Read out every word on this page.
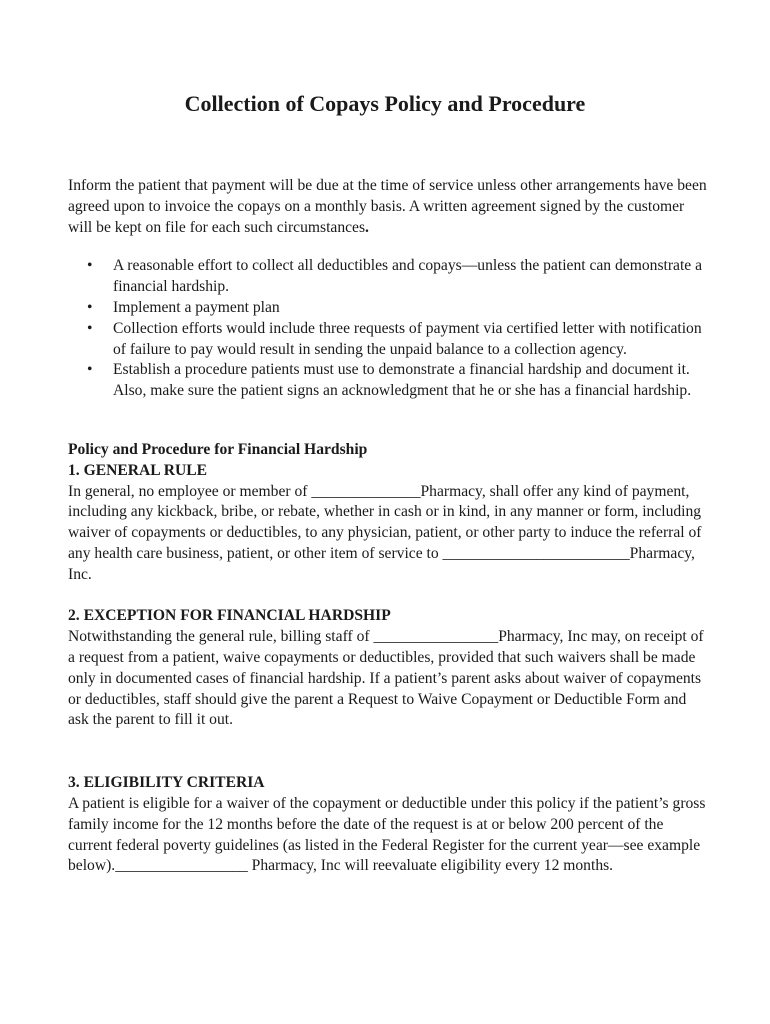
Collection of Copays Policy and Procedure

Inform the patient that payment will be due at the time of service unless other arrangements have been agreed upon to invoice the copays on a monthly basis. A written agreement signed by the customer will be kept on file for each such circumstances.

• A reasonable effort to collect all deductibles and copays—unless the patient can demonstrate a financial hardship.
• Implement a payment plan
• Collection efforts would include three requests of payment via certified letter with notification of failure to pay would result in sending the unpaid balance to a collection agency.
• Establish a procedure patients must use to demonstrate a financial hardship and document it. Also, make sure the patient signs an acknowledgment that he or she has a financial hardship.

Policy and Procedure for Financial Hardship

1. GENERAL RULE

In general, no employee or member of ______________Pharmacy, shall offer any kind of payment, including any kickback, bribe, or rebate, whether in cash or in kind, in any manner or form, including waiver of copayments or deductibles, to any physician, patient, or other party to induce the referral of any health care business, patient, or other item of service to ________________________Pharmacy, Inc.

2. EXCEPTION FOR FINANCIAL HARDSHIP

Notwithstanding the general rule, billing staff of ________________Pharmacy, Inc may, on receipt of a request from a patient, waive copayments or deductibles, provided that such waivers shall be made only in documented cases of financial hardship. If a patient’s parent asks about waiver of copayments or deductibles, staff should give the parent a Request to Waive Copayment or Deductible Form and ask the parent to fill it out.

3. ELIGIBILITY CRITERIA

A patient is eligible for a waiver of the copayment or deductible under this policy if the patient’s gross family income for the 12 months before the date of the request is at or below 200 percent of the current federal poverty guidelines (as listed in the Federal Register for the current year—see example below)._________________ Pharmacy, Inc will reevaluate eligibility every 12 months.
